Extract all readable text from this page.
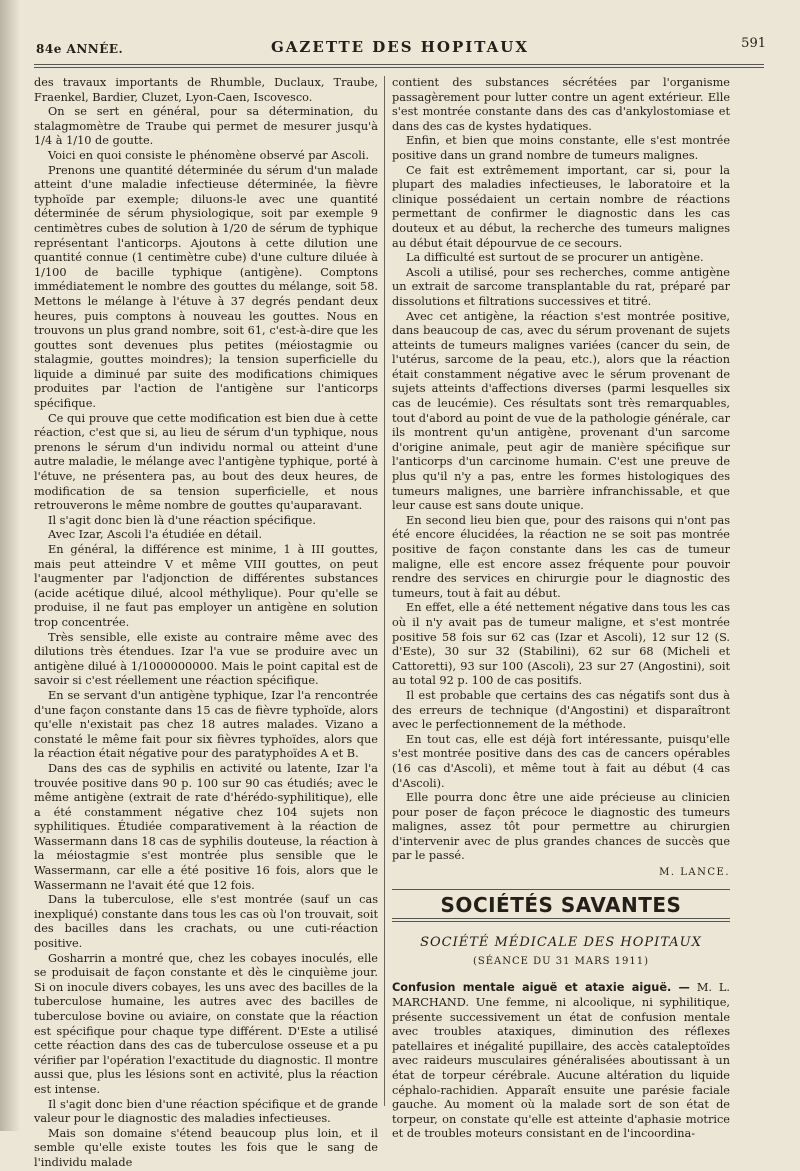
84e ANNÉE.	GAZETTE DES HOPITAUX	591

des travaux importants de Rhumble, Duclaux, Traube, Fraenkel, Bardier, Cluzet, Lyon-Caen, Iscovesco.

On se sert en général, pour sa détermination, du stalagmomètre de Traube qui permet de mesurer jusqu'à 1/4 à 1/10 de goutte.

Voici en quoi consiste le phénomène observé par Ascoli.

Prenons une quantité déterminée du sérum d'un malade atteint d'une maladie infectieuse déterminée, la fièvre typhoïde par exemple; diluons-le avec une quantité déterminée de sérum physiologique, soit par exemple 9 centimètres cubes de solution à 1/20 de sérum de typhique représentant l'anticorps. Ajoutons à cette dilution une quantité connue (1 centimètre cube) d'une culture diluée à 1/100 de bacille typhique (antigène). Comptons immédiatement le nombre des gouttes du mélange, soit 58. Mettons le mélange à l'étuve à 37 degrés pendant deux heures, puis comptons à nouveau les gouttes. Nous en trouvons un plus grand nombre, soit 61, c'est-à-dire que les gouttes sont devenues plus petites (méiostagmie ou stalagmie, gouttes moindres); la tension superficielle du liquide a diminué par suite des modifications chimiques produites par l'action de l'antigène sur l'anticorps spécifique.

Ce qui prouve que cette modification est bien due à cette réaction, c'est que si, au lieu de sérum d'un typhique, nous prenons le sérum d'un individu normal ou atteint d'une autre maladie, le mélange avec l'antigène typhique, porté à l'étuve, ne présentera pas, au bout des deux heures, de modification de sa tension superficielle, et nous retrouverons le même nombre de gouttes qu'auparavant.

Il s'agit donc bien là d'une réaction spécifique.

Avec Izar, Ascoli l'a étudiée en détail.

En général, la différence est minime, 1 à III gouttes, mais peut atteindre V et même VIII gouttes, on peut l'augmenter par l'adjonction de différentes substances (acide acétique dilué, alcool méthylique). Pour qu'elle se produise, il ne faut pas employer un antigène en solution trop concentrée.

Très sensible, elle existe au contraire même avec des dilutions très étendues. Izar l'a vue se produire avec un antigène dilué à 1/1000000000. Mais le point capital est de savoir si c'est réellement une réaction spécifique.

En se servant d'un antigène typhique, Izar l'a rencontrée d'une façon constante dans 15 cas de fièvre typhoïde, alors qu'elle n'existait pas chez 18 autres malades. Vizano a constaté le même fait pour six fièvres typhoïdes, alors que la réaction était négative pour des paratyphoïdes A et B.

Dans des cas de syphilis en activité ou latente, Izar l'a trouvée positive dans 90 p. 100 sur 90 cas étudiés; avec le même antigène (extrait de rate d'hérédo-syphilitique), elle a été constamment négative chez 104 sujets non syphilitiques. Étudiée comparativement à la réaction de Wassermann dans 18 cas de syphilis douteuse, la réaction à la méiostagmie s'est montrée plus sensible que le Wassermann, car elle a été positive 16 fois, alors que le Wassermann ne l'avait été que 12 fois.

Dans la tuberculose, elle s'est montrée (sauf un cas inexpliqué) constante dans tous les cas où l'on trouvait, soit des bacilles dans les crachats, ou une cuti-réaction positive.

Gosharrin a montré que, chez les cobayes inoculés, elle se produisait de façon constante et dès le cinquième jour. Si on inocule divers cobayes, les uns avec des bacilles de la tuberculose humaine, les autres avec des bacilles de tuberculose bovine ou aviaire, on constate que la réaction est spécifique pour chaque type différent. D'Este a utilisé cette réaction dans des cas de tuberculose osseuse et a pu vérifier par l'opération l'exactitude du diagnostic. Il montre aussi que, plus les lésions sont en activité, plus la réaction est intense.

Il s'agit donc bien d'une réaction spécifique et de grande valeur pour le diagnostic des maladies infectieuses.

Mais son domaine s'étend beaucoup plus loin, et il semble qu'elle existe toutes les fois que le sang de l'individu malade

contient des substances sécrétées par l'organisme passagèrement pour lutter contre un agent extérieur. Elle s'est montrée constante dans des cas d'ankylostomiase et dans des cas de kystes hydatiques.

Enfin, et bien que moins constante, elle s'est montrée positive dans un grand nombre de tumeurs malignes.

Ce fait est extrêmement important, car si, pour la plupart des maladies infectieuses, le laboratoire et la clinique possédaient un certain nombre de réactions permettant de confirmer le diagnostic dans les cas douteux et au début, la recherche des tumeurs malignes au début était dépourvue de ce secours.

La difficulté est surtout de se procurer un antigène.

Ascoli a utilisé, pour ses recherches, comme antigène un extrait de sarcome transplantable du rat, préparé par dissolutions et filtrations successives et titré.

Avec cet antigène, la réaction s'est montrée positive, dans beaucoup de cas, avec du sérum provenant de sujets atteints de tumeurs malignes variées (cancer du sein, de l'utérus, sarcome de la peau, etc.), alors que la réaction était constamment négative avec le sérum provenant de sujets atteints d'affections diverses (parmi lesquelles six cas de leucémie). Ces résultats sont très remarquables, tout d'abord au point de vue de la pathologie générale, car ils montrent qu'un antigène, provenant d'un sarcome d'origine animale, peut agir de manière spécifique sur l'anticorps d'un carcinome humain. C'est une preuve de plus qu'il n'y a pas, entre les formes histologiques des tumeurs malignes, une barrière infranchissable, et que leur cause est sans doute unique.

En second lieu bien que, pour des raisons qui n'ont pas été encore élucidées, la réaction ne se soit pas montrée positive de façon constante dans les cas de tumeur maligne, elle est encore assez fréquente pour pouvoir rendre des services en chirurgie pour le diagnostic des tumeurs, tout à fait au début.

En effet, elle a été nettement négative dans tous les cas où il n'y avait pas de tumeur maligne, et s'est montrée positive 58 fois sur 62 cas (Izar et Ascoli), 12 sur 12 (S. d'Este), 30 sur 32 (Stabilini), 62 sur 68 (Micheli et Cattoretti), 93 sur 100 (Ascoli), 23 sur 27 (Angostini), soit au total 92 p. 100 de cas positifs.

Il est probable que certains des cas négatifs sont dus à des erreurs de technique (d'Angostini) et disparaîtront avec le perfectionnement de la méthode.

En tout cas, elle est déjà fort intéressante, puisqu'elle s'est montrée positive dans des cas de cancers opérables (16 cas d'Ascoli), et même tout à fait au début (4 cas d'Ascoli).

Elle pourra donc être une aide précieuse au clinicien pour poser de façon précoce le diagnostic des tumeurs malignes, assez tôt pour permettre au chirurgien d'intervenir avec de plus grandes chances de succès que par le passé.

M. LANCE.
SOCIÉTÉS SAVANTES
SOCIÉTÉ MÉDICALE DES HOPITAUX
(SÉANCE DU 31 MARS 1911)

Confusion mentale aiguë et ataxie aiguë. — M. L. MARCHAND. Une femme, ni alcoolique, ni syphilitique, présente successivement un état de confusion mentale avec troubles ataxiques, diminution des réflexes patellaires et inégalité pupillaire, des accès cataleptoïdes avec raideurs musculaires généralisées aboutissant à un état de torpeur cérébrale. Aucune altération du liquide céphalo-rachidien. Apparaît ensuite une parésie faciale gauche. Au moment où la malade sort de son état de torpeur, on constate qu'elle est atteinte d'aphasie motrice et de troubles moteurs consistant en de l'incoordina-
